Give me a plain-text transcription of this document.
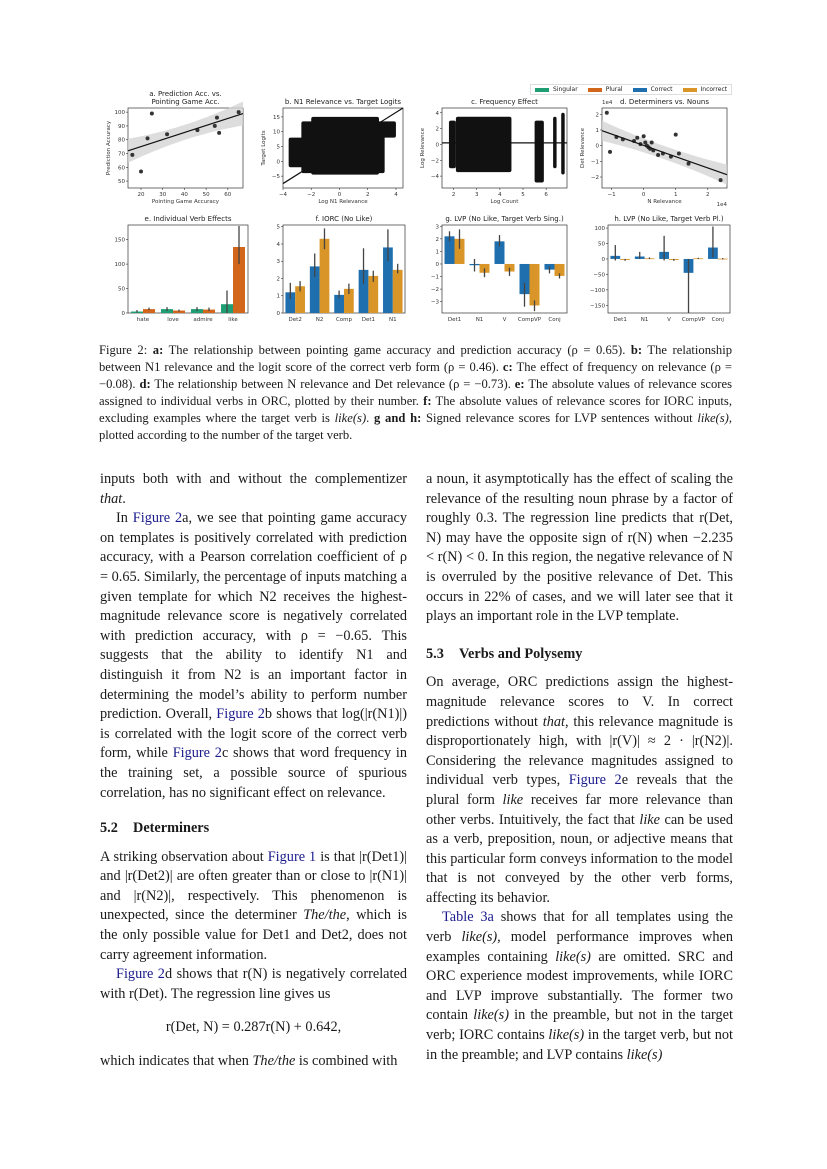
Singular	Plural	Correct	Incorrect
a. Prediction Acc. vs.
Pointing Game Acc.
50
60
70
80
90
100
20	30	40	50	60
Pointing Game Accuracy
Prediction Accuracy
b. N1 Relevance vs. Target Logits
−5
0
5
10
15
−4	−2	0	2	4
Log N1 Relevance
Target Logits
c. Frequency Effect
−4
−2
0
2
4
2	3	4	5	6
Log Count
Log Relevance
d. Determiners vs. Nouns
−2
−1
0
1
2
−1	0	1	2
N Relevance
Det Relevance
1e4
1e4
e. Individual Verb Effects
0
50
100
150
hate	love	admire	like
f. IORC (No Like)
0
1
2
3
4
5
Det2	N2 Comp Det1	N1
g. LVP (No Like, Target Verb Sing.)
−3
−2
−1
0
1
2
3
Det1	N1	V CompVP Conj
h. LVP (No Like, Target Verb Pl.)
−150
−100
−50
0
50
100
Det1	N1	V CompVP Conj
Figure 2: a: The relationship between pointing game accuracy and prediction accuracy (ρ = 0.65). b: The relationship between N1 relevance and the logit score of the correct verb form (ρ = 0.46). c: The effect of frequency on relevance (ρ = −0.08). d: The relationship between N relevance and Det relevance (ρ = −0.73). e: The absolute values of relevance scores assigned to individual verbs in ORC, plotted by their number. f: The absolute values of relevance scores for IORC inputs, excluding examples where the target verb is like(s). g and h: Signed relevance scores for LVP sentences without like(s), plotted according to the number of the target verb.

inputs both with and without the complementizer that.

In Figure 2a, we see that pointing game accuracy on templates is positively correlated with prediction accuracy, with a Pearson correlation coefficient of ρ = 0.65. Similarly, the percentage of inputs matching a given template for which N2 receives the highest-magnitude relevance score is negatively correlated with prediction accuracy, with ρ = −0.65. This suggests that the ability to identify N1 and distinguish it from N2 is an important factor in determining the model’s ability to perform number prediction. Overall, Figure 2b shows that log(|r(N1)|) is correlated with the logit score of the correct verb form, while Figure 2c shows that word frequency in the training set, a possible source of spurious correlation, has no significant effect on relevance.

5.2 Determiners

A striking observation about Figure 1 is that |r(Det1)| and |r(Det2)| are often greater than or close to |r(N1)| and |r(N2)|, respectively. This phenomenon is unexpected, since the determiner The/the, which is the only possible value for Det1 and Det2, does not carry agreement information.

Figure 2d shows that r(N) is negatively correlated with r(Det). The regression line gives us

r(Det, N) = 0.287r(N) + 0.642,

which indicates that when The/the is combined with

a noun, it asymptotically has the effect of scaling the relevance of the resulting noun phrase by a factor of roughly 0.3. The regression line predicts that r(Det, N) may have the opposite sign of r(N) when −2.235 < r(N) < 0. In this region, the negative relevance of N is overruled by the positive relevance of Det. This occurs in 22% of cases, and we will later see that it plays an important role in the LVP template.

5.3 Verbs and Polysemy

On average, ORC predictions assign the highest-magnitude relevance scores to V. In correct predictions without that, this relevance magnitude is disproportionately high, with |r(V)| ≈ 2 · |r(N2)|. Considering the relevance magnitudes assigned to individual verb types, Figure 2e reveals that the plural form like receives far more relevance than other verbs. Intuitively, the fact that like can be used as a verb, preposition, noun, or adjective means that this particular form conveys information to the model that is not conveyed by the other verb forms, affecting its behavior.

Table 3a shows that for all templates using the verb like(s), model performance improves when examples containing like(s) are omitted. SRC and ORC experience modest improvements, while IORC and LVP improve substantially. The former two contain like(s) in the preamble, but not in the target verb; IORC contains like(s) in the target verb, but not in the preamble; and LVP contains like(s)
